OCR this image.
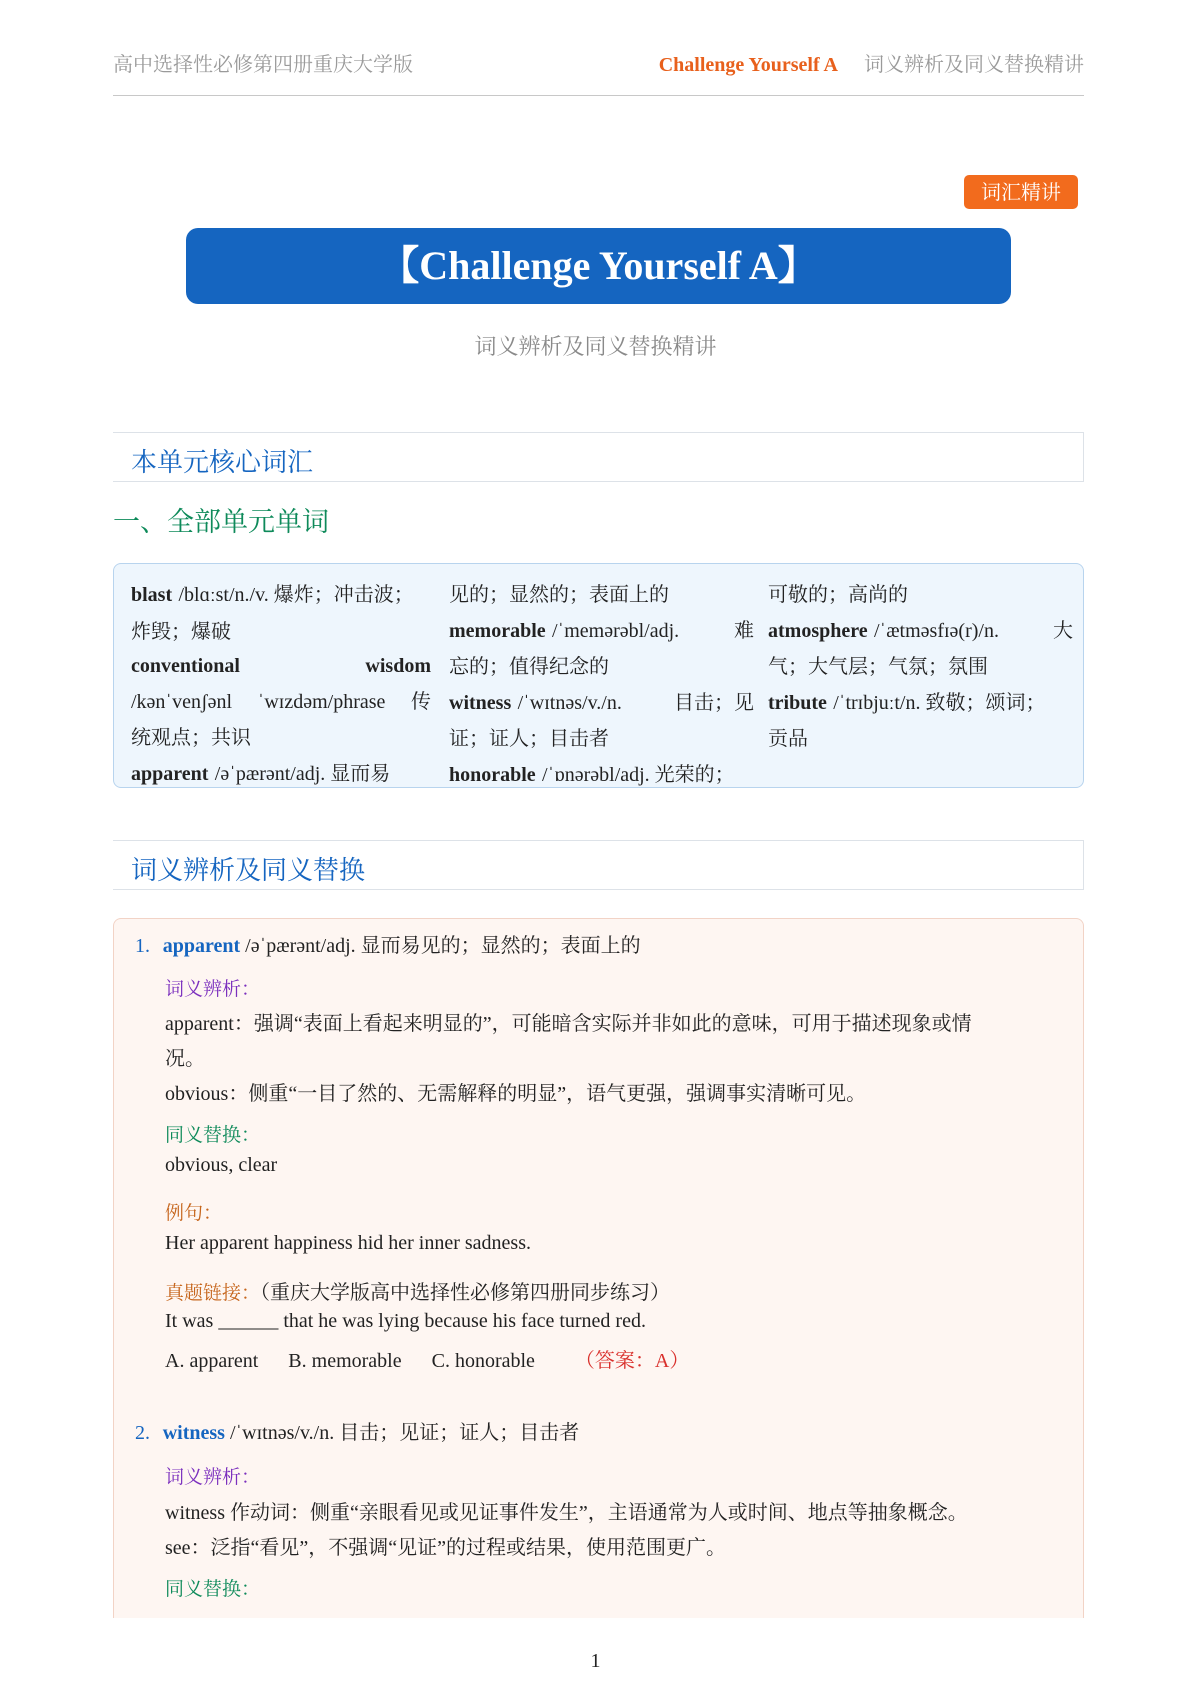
高中选择性必修第四册重庆大学版	Challenge Yourself A 词义辨析及同义替换精讲
词汇精讲
【Challenge Yourself A】
词义辨析及同义替换精讲
本单元核心词汇
一、全部单元单词
blast /blɑːst/n./v. 爆炸；冲击波；
炸毁；爆破
conventional	wisdom
/kənˈvenʃənl ˈwɪzdəm/phrase 传
统观点；共识
apparent /əˈpærənt/adj. 显而易
见的；显然的；表面上的
memorable /ˈmemərəbl/adj.	难
忘的；值得纪念的
witness /ˈwɪtnəs/v./n.	目击；见
证；证人；目击者
honorable /ˈɒnərəbl/adj. 光荣的；
可敬的；高尚的
atmosphere /ˈætməsfɪə(r)/n.	大
气；大气层；气氛；氛围
tribute /ˈtrɪbjuːt/n. 致敬；颂词；
贡品
词义辨析及同义替换
1. apparent /əˈpærənt/adj. 显而易见的；显然的；表面上的
词义辨析：
apparent：强调“表面上看起来明显的”，可能暗含实际并非如此的意味，可用于描述现象或情
况。
obvious：侧重“一目了然的、无需解释的明显”，语气更强，强调事实清晰可见。
同义替换：
obvious, clear
例句：
Her apparent happiness hid her inner sadness.
真题链接：（重庆大学版高中选择性必修第四册同步练习）
It was ______ that he was lying because his face turned red.
A. apparent B. memorable C. honorable （答案：A）
2. witness /ˈwɪtnəs/v./n. 目击；见证；证人；目击者
词义辨析：
witness 作动词：侧重“亲眼看见或见证事件发生”，主语通常为人或时间、地点等抽象概念。
see：泛指“看见”，不强调“见证”的过程或结果，使用范围更广。
同义替换：
1
